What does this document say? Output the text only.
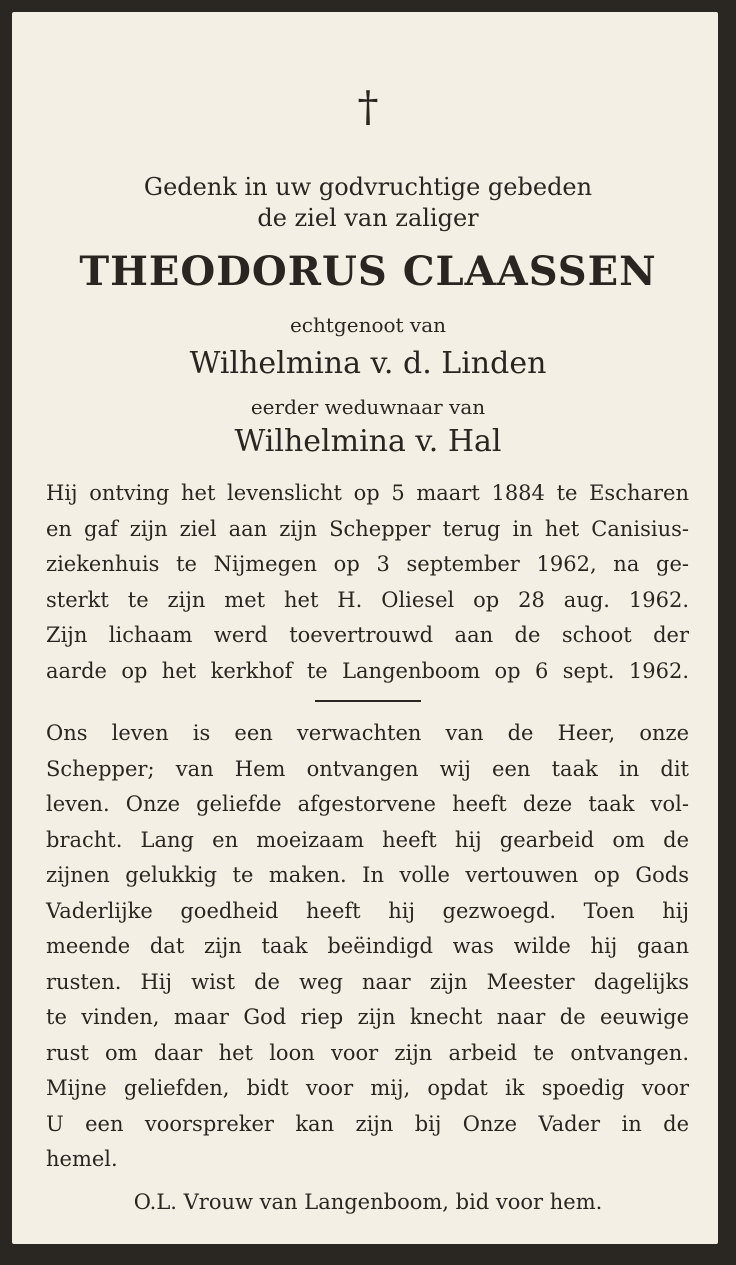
†
Gedenk in uw godvruchtige gebeden
de ziel van zaliger
THEODORUS CLAASSEN
echtgenoot van
Wilhelmina v. d. Linden
eerder weduwnaar van
Wilhelmina v. Hal
Hij ontving het levenslicht op 5 maart 1884 te Escharen
en gaf zijn ziel aan zijn Schepper terug in het Canisius-
ziekenhuis te Nijmegen op 3 september 1962, na ge-
sterkt te zijn met het H. Oliesel op 28 aug. 1962.
Zijn lichaam werd toevertrouwd aan de schoot der
aarde op het kerkhof te Langenboom op 6 sept. 1962.
Ons leven is een verwachten van de Heer, onze
Schepper; van Hem ontvangen wij een taak in dit
leven. Onze geliefde afgestorvene heeft deze taak vol-
bracht. Lang en moeizaam heeft hij gearbeid om de
zijnen gelukkig te maken. In volle vertouwen op Gods
Vaderlijke goedheid heeft hij gezwoegd. Toen hij
meende dat zijn taak beëindigd was wilde hij gaan
rusten. Hij wist de weg naar zijn Meester dagelijks
te vinden, maar God riep zijn knecht naar de eeuwige
rust om daar het loon voor zijn arbeid te ontvangen.
Mijne geliefden, bidt voor mij, opdat ik spoedig voor
U een voorspreker kan zijn bij Onze Vader in de
hemel.
O.L. Vrouw van Langenboom, bid voor hem.
